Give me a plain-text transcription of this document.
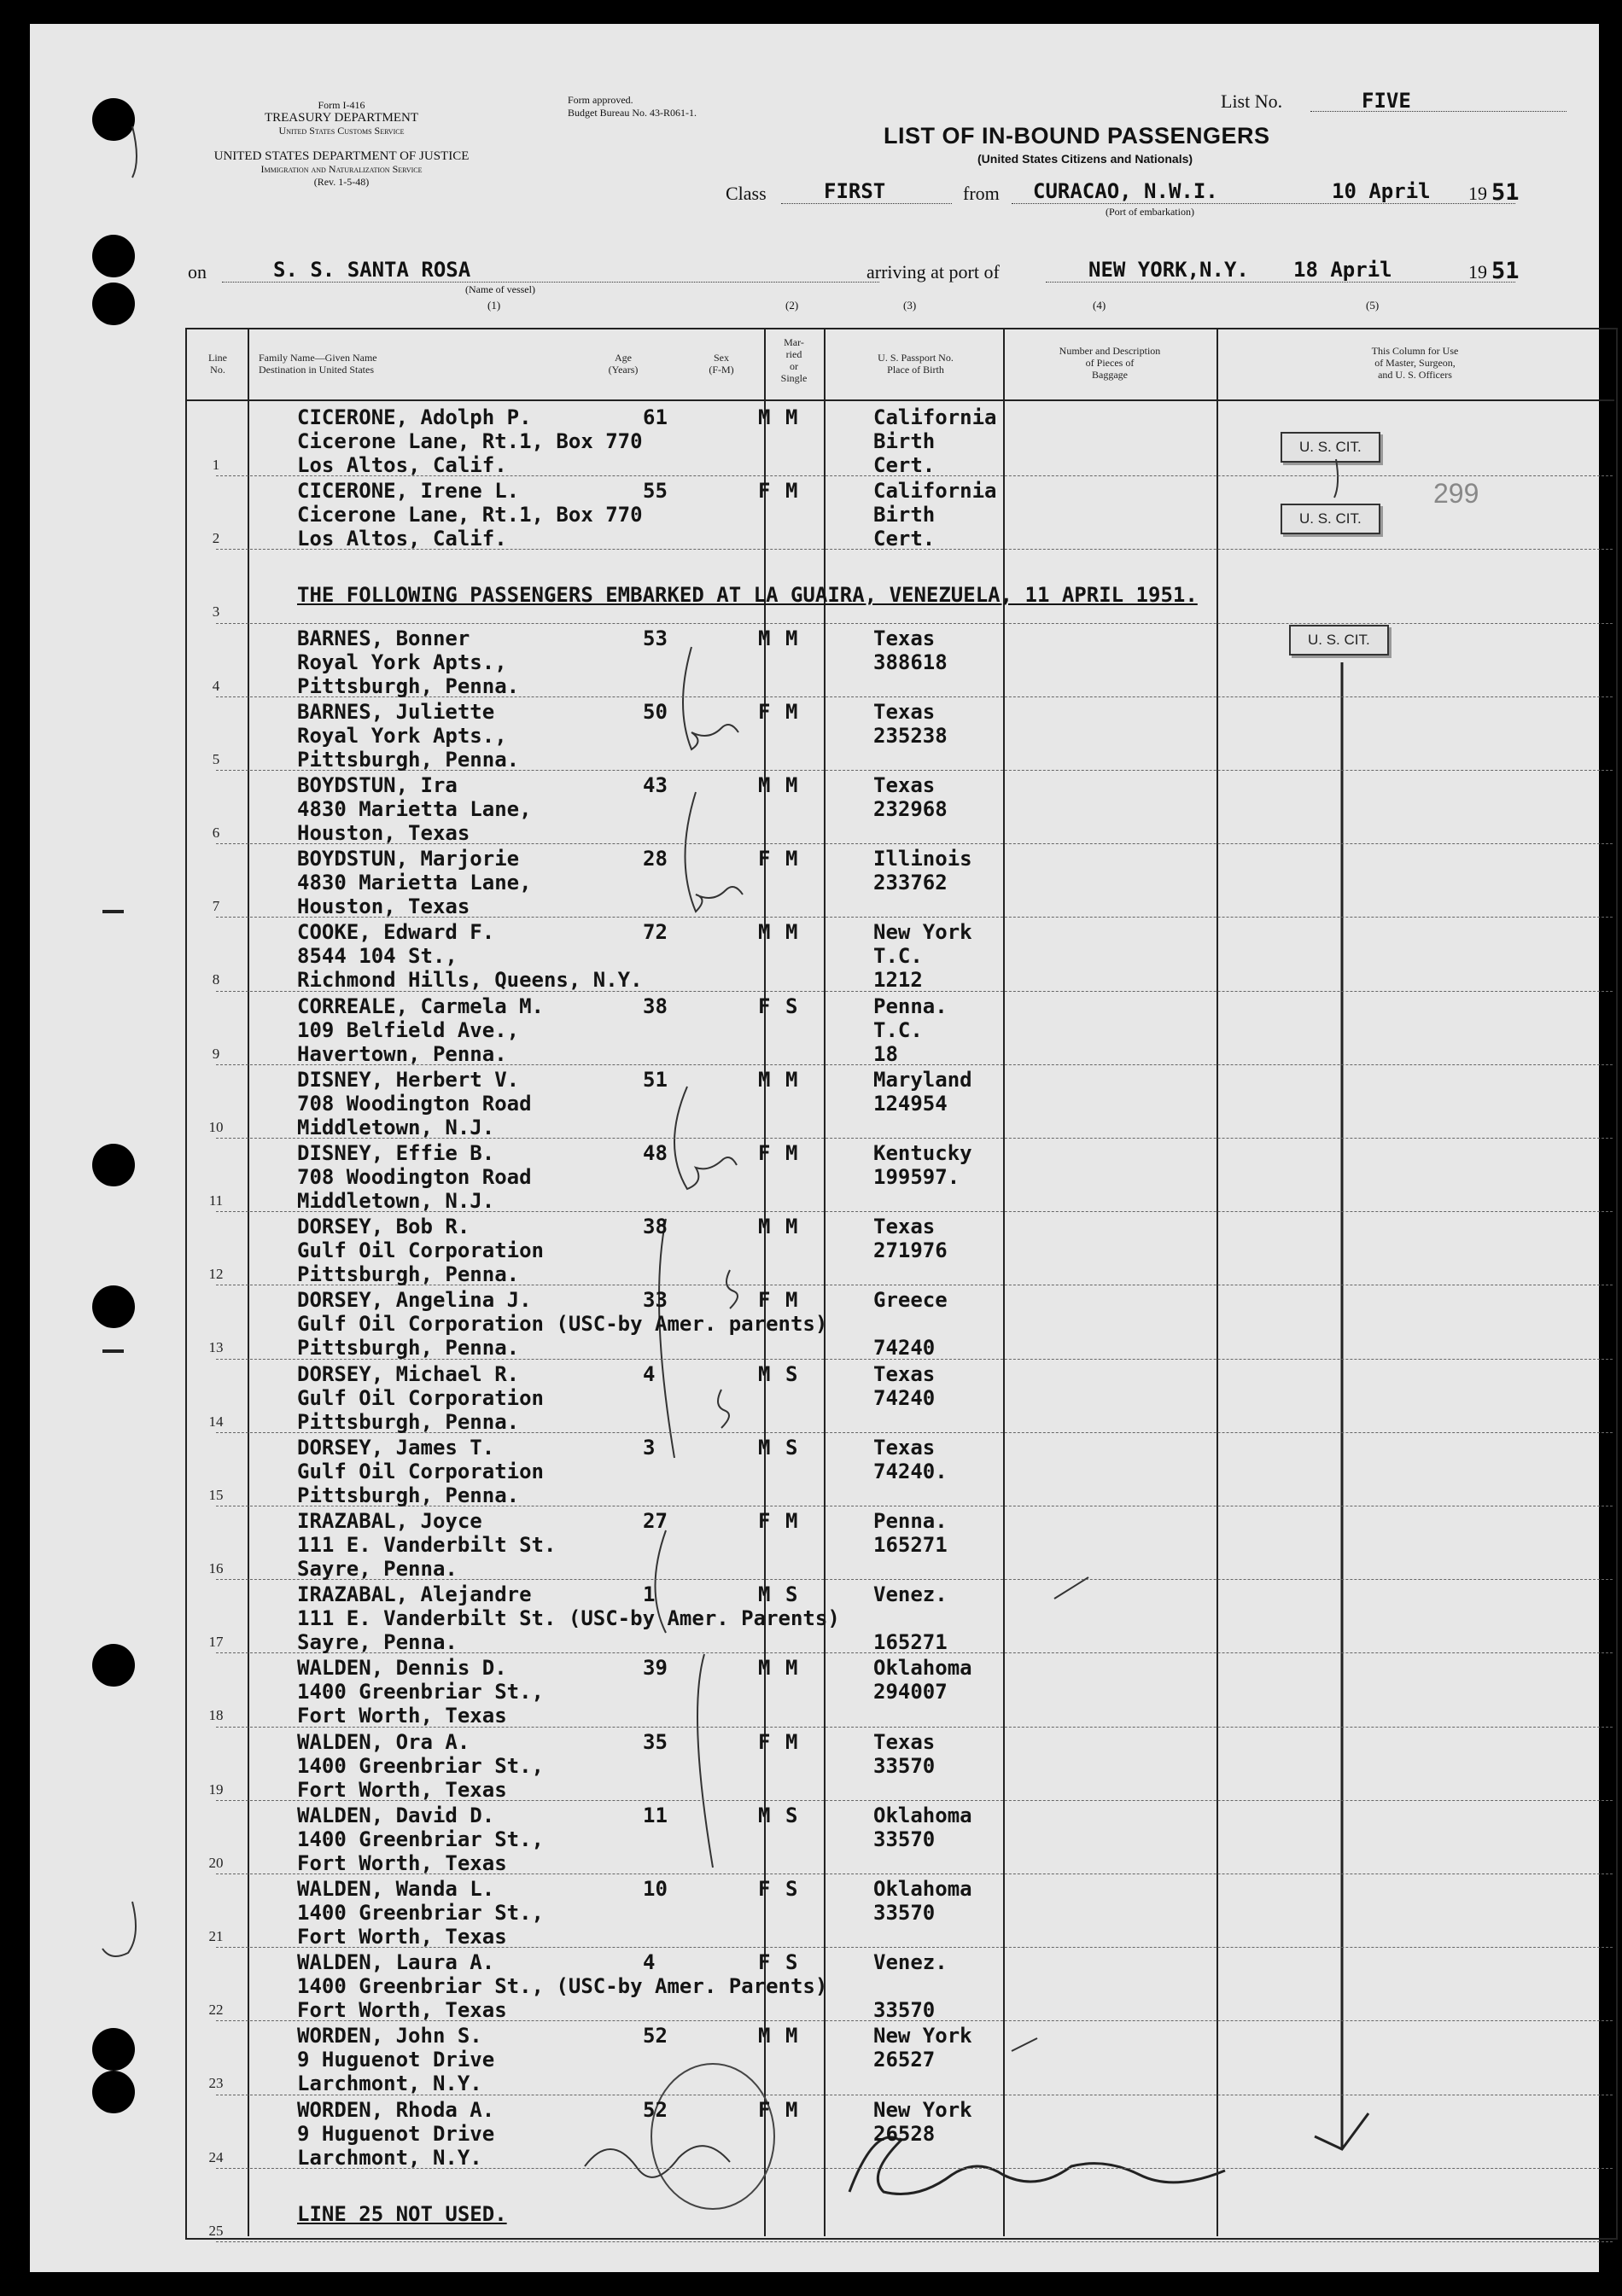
Form I-416
TREASURY DEPARTMENT
United States Customs Service
UNITED STATES DEPARTMENT OF JUSTICE
Immigration and Naturalization Service
(Rev. 1-5-48)
Form approved.
Budget Bureau No. 43-R061-1.
LIST OF IN-BOUND PASSENGERS
(United States Citizens and Nationals)
List No.	FIVE
Class	FIRST	from CURACAO, N.W.I.	10 April 19 51
(Port of embarkation)
on	S. S. SANTA ROSA
(Name of vessel)
arriving at port of	NEW YORK,N.Y. 18 April	19 51
(1)	(2)	(3)	(4)	(5)
Line
No.
Family Name—Given Name
Destination in United States
Age
(Years)
Sex
(F-M)
Mar-
ried
or
Single
U. S. Passport No.
Place of Birth
Number and Description
of Pieces of
Baggage
This Column for Use
of Master, Surgeon,
and U. S. Officers
U. S. CIT.
U. S. CIT.
U. S. CIT.
299
1
CICERONE, Adolph P.
Cicerone Lane, Rt.1, Box 770
Los Altos, Calif.
61	M M	California
Birth
Cert.
2
CICERONE, Irene L.
Cicerone Lane, Rt.1, Box 770
Los Altos, Calif.
55	F M	California
Birth
Cert.
3
THE FOLLOWING PASSENGERS EMBARKED AT LA GUAIRA, VENEZUELA, 11 APRIL 1951.
4
BARNES, Bonner
Royal York Apts.,
Pittsburgh, Penna.
53	M M	Texas
388618
5
BARNES, Juliette
Royal York Apts.,
Pittsburgh, Penna.
50	F M	Texas
235238
6
BOYDSTUN, Ira
4830 Marietta Lane,
Houston, Texas
43	M M	Texas
232968
7
BOYDSTUN, Marjorie
4830 Marietta Lane,
Houston, Texas
28	F M	Illinois
233762
8
COOKE, Edward F.
8544 104 St.,
Richmond Hills, Queens, N.Y.
72	M M	New York
T.C.
1212
9
CORREALE, Carmela M.
109 Belfield Ave.,
Havertown, Penna.
38	F S	Penna.
T.C.
18
10
DISNEY, Herbert V.
708 Woodington Road
Middletown, N.J.
51	M M	Maryland
124954
11
DISNEY, Effie B.
708 Woodington Road
Middletown, N.J.
48	F M	Kentucky
199597.
12
DORSEY, Bob R.
Gulf Oil Corporation
Pittsburgh, Penna.
38	M M	Texas
271976
13
DORSEY, Angelina J.
Gulf Oil Corporation (USC-by Amer. parents)
Pittsburgh, Penna.
33	F M	Greece

74240
14
DORSEY, Michael R.
Gulf Oil Corporation
Pittsburgh, Penna.
4	M S	Texas
74240
15
DORSEY, James T.
Gulf Oil Corporation
Pittsburgh, Penna.
3	M S	Texas
74240.
16
IRAZABAL, Joyce
111 E. Vanderbilt St.
Sayre, Penna.
27	F M	Penna.
165271
17
IRAZABAL, Alejandre
111 E. Vanderbilt St. (USC-by Amer. Parents)
Sayre, Penna.
1	M S	Venez.

165271
18
WALDEN, Dennis D.
1400 Greenbriar St.,
Fort Worth, Texas
39	M M	Oklahoma
294007
19
WALDEN, Ora A.
1400 Greenbriar St.,
Fort Worth, Texas
35	F M	Texas
33570
20
WALDEN, David D.
1400 Greenbriar St.,
Fort Worth, Texas
11	M S	Oklahoma
33570
21
WALDEN, Wanda L.
1400 Greenbriar St.,
Fort Worth, Texas
10	F S	Oklahoma
33570
22
WALDEN, Laura A.
1400 Greenbriar St., (USC-by Amer. Parents)
Fort Worth, Texas
4	F S	Venez.

33570
23
WORDEN, John S.
9 Huguenot Drive
Larchmont, N.Y.
52	M M	New York
26527
24
WORDEN, Rhoda A.
9 Huguenot Drive
Larchmont, N.Y.
52	F M	New York
26528
25
LINE 25 NOT USED.
